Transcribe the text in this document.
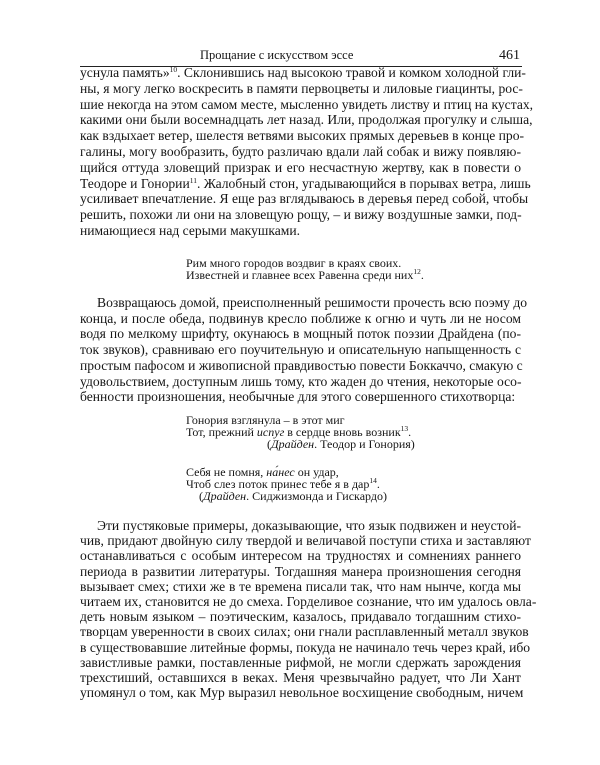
Прощание с искусством эссе	461
уснула память»$^{10}$. Склонившись над высокою травой и комком холодной гли-
ны, я могу легко воскресить в памяти первоцветы и лиловые гиацинты, рос-
шие некогда на этом самом месте, мысленно увидеть листву и птиц на кустах,
какими они были восемнадцать лет назад. Или, продолжая прогулку и слыша,
как вздыхает ветер, шелестя ветвями высоких прямых деревьев в конце про-
галины, могу вообразить, будто различаю вдали лай собак и вижу появляю-
щийся оттуда зловещий призрак и его несчастную жертву, как в повести о
Теодоре и Гонории$^{11}$. Жалобный стон, угадывающийся в порывах ветра, лишь
усиливает впечатление. Я еще раз вглядываюсь в деревья перед собой, чтобы
решить, похожи ли они на зловещую рощу, – и вижу воздушные замки, под-
нимающиеся над серыми макушками.
Рим много городов воздвиг в краях своих.
Известней и главнее всех Равенна среди них$^{12}$.
Возвращаюсь домой, преисполненный решимости прочесть всю поэму до
конца, и после обеда, подвинув кресло поближе к огню и чуть ли не носом
водя по мелкому шрифту, окунаюсь в мощный поток поэзии Драйдена (по-
ток звуков), сравниваю его поучительную и описательную напыщенность с
простым пафосом и живописной правдивостью повести Боккаччо, смакую с
удовольствием, доступным лишь тому, кто жаден до чтения, некоторые осо-
бенности произношения, необычные для этого совершенного стихотворца:
Гонория взглянула – в этот миг
Тот, прежний испуг в сердце вновь возник$^{13}$.
(Драйден. Теодор и Гонория)
Себя не помня, на́нес он удар,
Чтоб слез поток принес тебе я в дар$^{14}$.
(Драйден. Сиджизмонда и Гискардо)
Эти пустяковые примеры, доказывающие, что язык подвижен и неустой-
чив, придают двойную силу твердой и величавой поступи стиха и заставляют
останавливаться с особым интересом на трудностях и сомнениях раннего
периода в развитии литературы. Тогдашняя манера произношения сегодня
вызывает смех; стихи же в те времена писали так, что нам нынче, когда мы
читаем их, становится не до смеха. Горделивое сознание, что им удалось овла-
деть новым языком – поэтическим, казалось, придавало тогдашним стихо-
творцам уверенности в своих силах; они гнали расплавленный металл звуков
в существовавшие литейные формы, покуда не начинало течь через край, ибо
завистливые рамки, поставленные рифмой, не могли сдержать зарождения
трехстиший, оставшихся в веках. Меня чрезвычайно радует, что Ли Хант
упомянул о том, как Мур выразил невольное восхищение свободным, ничем
